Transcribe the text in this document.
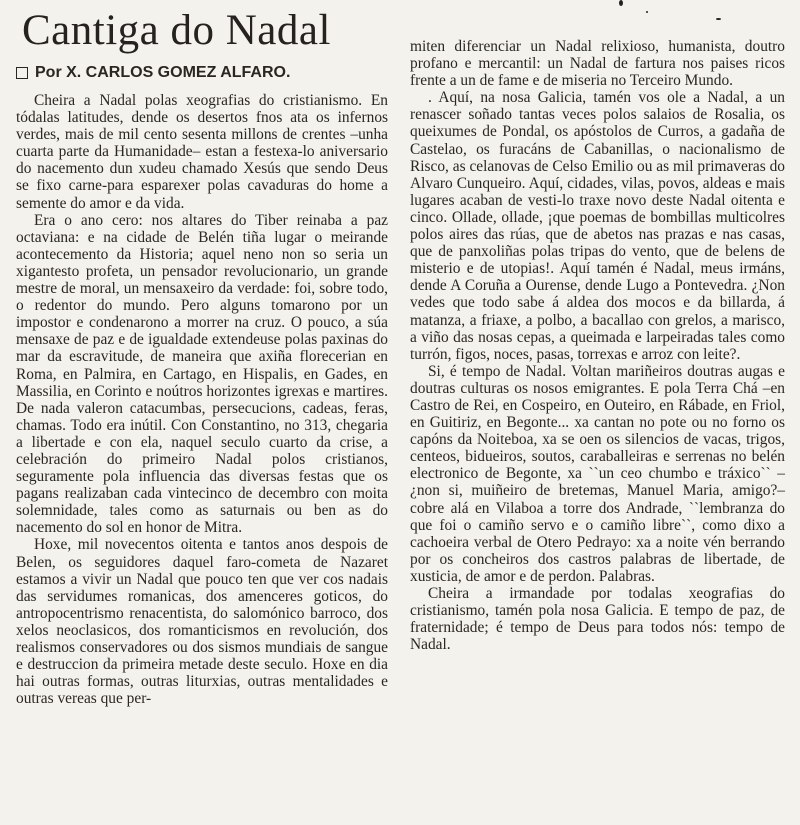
Cantiga do Nadal
Por X. CARLOS GOMEZ ALFARO.

Cheira a Nadal polas xeografias do cristianismo. En tódalas latitudes, dende os desertos fnos ata os infernos verdes, mais de mil cento sesenta millons de crentes –unha cuarta parte da Humanidade– estan a festexa-lo aniversario do nacemento dun xudeu chamado Xesús que sendo Deus se fixo carne-para esparexer polas cavaduras do home a semente do amor e da vida.

Era o ano cero: nos altares do Tiber reinaba a paz octaviana: e na cidade de Belén tiña lugar o meirande acontecemento da Historia; aquel neno non so seria un xigantesto profeta, un pensador revolucionario, un grande mestre de moral, un mensaxeiro da verdade: foi, sobre todo, o redentor do mundo. Pero alguns tomarono por un impostor e condenarono a morrer na cruz. O pouco, a súa mensaxe de paz e de igualdade extendeuse polas paxinas do mar da escravitude, de maneira que axiña florecerian en Roma, en Palmira, en Cartago, en Hispalis, en Gades, en Massilia, en Corinto e noútros horizontes igrexas e martires. De nada valeron catacumbas, persecucions, cadeas, feras, chamas. Todo era inútil. Con Constantino, no 313, chegaria a libertade e con ela, naquel seculo cuarto da crise, a celebración do primeiro Nadal polos cristianos, seguramente pola influencia das diversas festas que os pagans realizaban cada vintecinco de decembro con moita solemnidade, tales como as saturnais ou ben as do nacemento do sol en honor de Mitra.

Hoxe, mil novecentos oitenta e tantos anos despois de Belen, os seguidores daquel faro-cometa de Nazaret estamos a vivir un Nadal que pouco ten que ver cos nadais das servidumes romanicas, dos amenceres goticos, do antropocentrismo renacentista, do salomónico barroco, dos xelos neoclasicos, dos romanticismos en revolución, dos realismos conservadores ou dos sismos mundiais de sangue e destruccion da primeira metade deste seculo. Hoxe en dia hai outras formas, outras liturxias, outras mentalidades e outras vereas que per-

miten diferenciar un Nadal relixioso, humanista, doutro profano e mercantil: un Nadal de fartura nos paises ricos frente a un de fame e de miseria no Terceiro Mundo.

. Aquí, na nosa Galicia, tamén vos ole a Nadal, a un renascer soñado tantas veces polos salaios de Rosalia, os queixumes de Pondal, os apóstolos de Curros, a gadaña de Castelao, os furacáns de Cabanillas, o nacionalismo de Risco, as celanovas de Celso Emilio ou as mil primaveras do Alvaro Cunqueiro. Aquí, cidades, vilas, povos, aldeas e mais lugares acaban de vesti-lo traxe novo deste Nadal oitenta e cinco. Ollade, ollade, ¡que poemas de bombillas multicolres polos aires das rúas, que de abetos nas prazas e nas casas, que de panxoliñas polas tripas do vento, que de belens de misterio e de utopias!. Aquí tamén é Nadal, meus irmáns, dende A Coruña a Ourense, dende Lugo a Pontevedra. ¿Non vedes que todo sabe á aldea dos mocos e da billarda, á matanza, a friaxe, a polbo, a bacallao con grelos, a marisco, a viño das nosas cepas, a queimada e larpeiradas tales como turrón, figos, noces, pasas, torrexas e arroz con leite?.

Si, é tempo de Nadal. Voltan mariñeiros doutras augas e doutras culturas os nosos emigrantes. E pola Terra Chá –en Castro de Rei, en Cospeiro, en Outeiro, en Rábade, en Friol, en Guitiriz, en Begonte... xa cantan no pote ou no forno os capóns da Noiteboa, xa se oen os silencios de vacas, trigos, centeos, bidueiros, soutos, caraballeiras e serrenas no belén electronico de Begonte, xa ``un ceo chumbo e tráxico`` –¿non si, muiñeiro de bretemas, Manuel Maria, amigo?– cobre alá en Vilaboa a torre dos Andrade, ``lembranza do que foi o camiño servo e o camiño libre``, como dixo a cachoeira verbal de Otero Pedrayo: xa a noite vén berrando por os concheiros dos castros palabras de libertade, de xusticia, de amor e de perdon. Palabras.

Cheira a irmandade por todalas xeografias do cristianismo, tamén pola nosa Galicia. E tempo de paz, de fraternidade; é tempo de Deus para todos nós: tempo de Nadal.
